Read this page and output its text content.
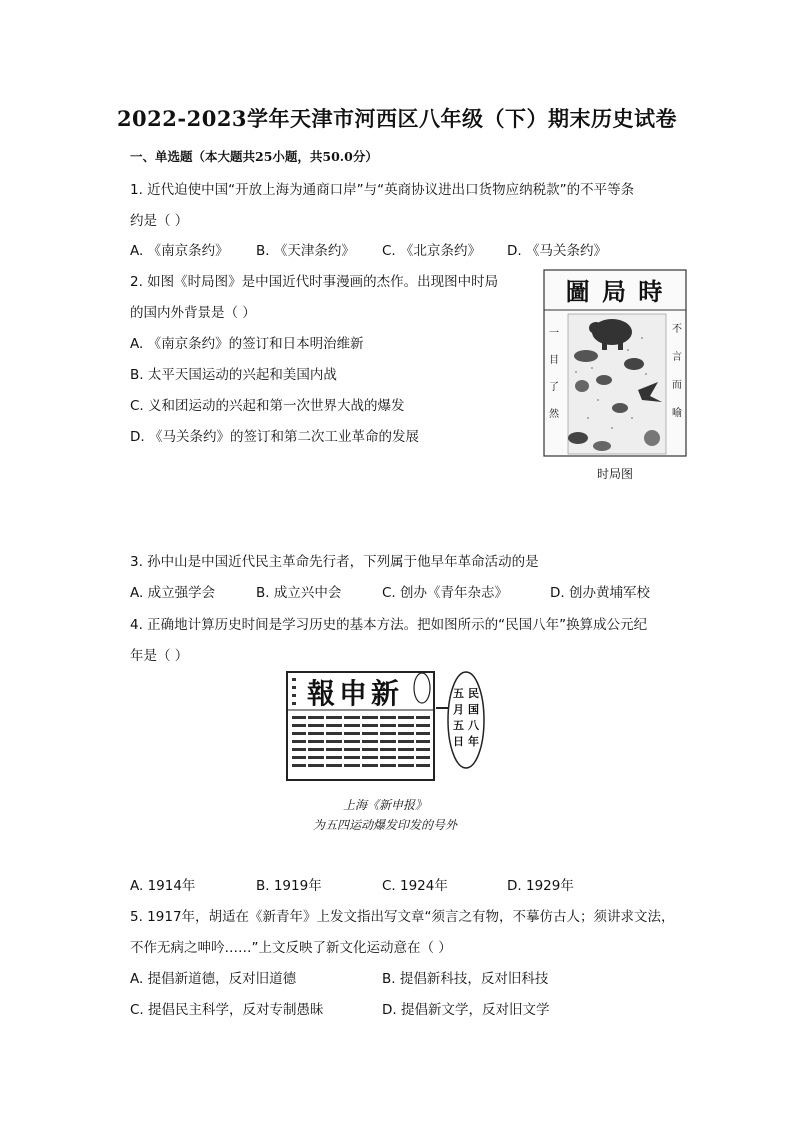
2022-2023学年天津市河西区八年级（下）期末历史试卷
一、单选题（本大题共25小题，共50.0分）
1. 近代迫使中国“开放上海为通商口岸”与“英商协议进出口货物应纳税款”的不平等条
约是（ ）
A. 《南京条约》 B. 《天津条约》 C. 《北京条约》 D. 《马关条约》
2. 如图《时局图》是中国近代时事漫画的杰作。出现图中时局
的国内外背景是（ ）
A. 《南京条约》的签订和日本明治维新
B. 太平天国运动的兴起和美国内战
C. 义和团运动的兴起和第一次世界大战的爆发
D. 《马关条约》的签订和第二次工业革命的发展
圖 局 時
一
目
了
然
不
言
而
喻
时局图
3. 孙中山是中国近代民主革命先行者，下列属于他早年革命活动的是
A. 成立强学会	B. 成立兴中会	C. 创办《青年杂志》	D. 创办黄埔军校
4. 正确地计算历史时间是学习历史的基本方法。把如图所示的“民国八年”换算成公元纪
年是（ ）
報申新	五月五日
民国八年
上海《新申报》
为五四运动爆发印发的号外
A. 1914年	B. 1919年	C. 1924年	D. 1929年
5. 1917年，胡适在《新青年》上发文指出写文章“须言之有物，不摹仿古人；须讲求文法，
不作无病之呻吟……”上文反映了新文化运动意在（ ）
A. 提倡新道德，反对旧道德	B. 提倡新科技，反对旧科技
C. 提倡民主科学，反对专制愚昧	D. 提倡新文学，反对旧文学
